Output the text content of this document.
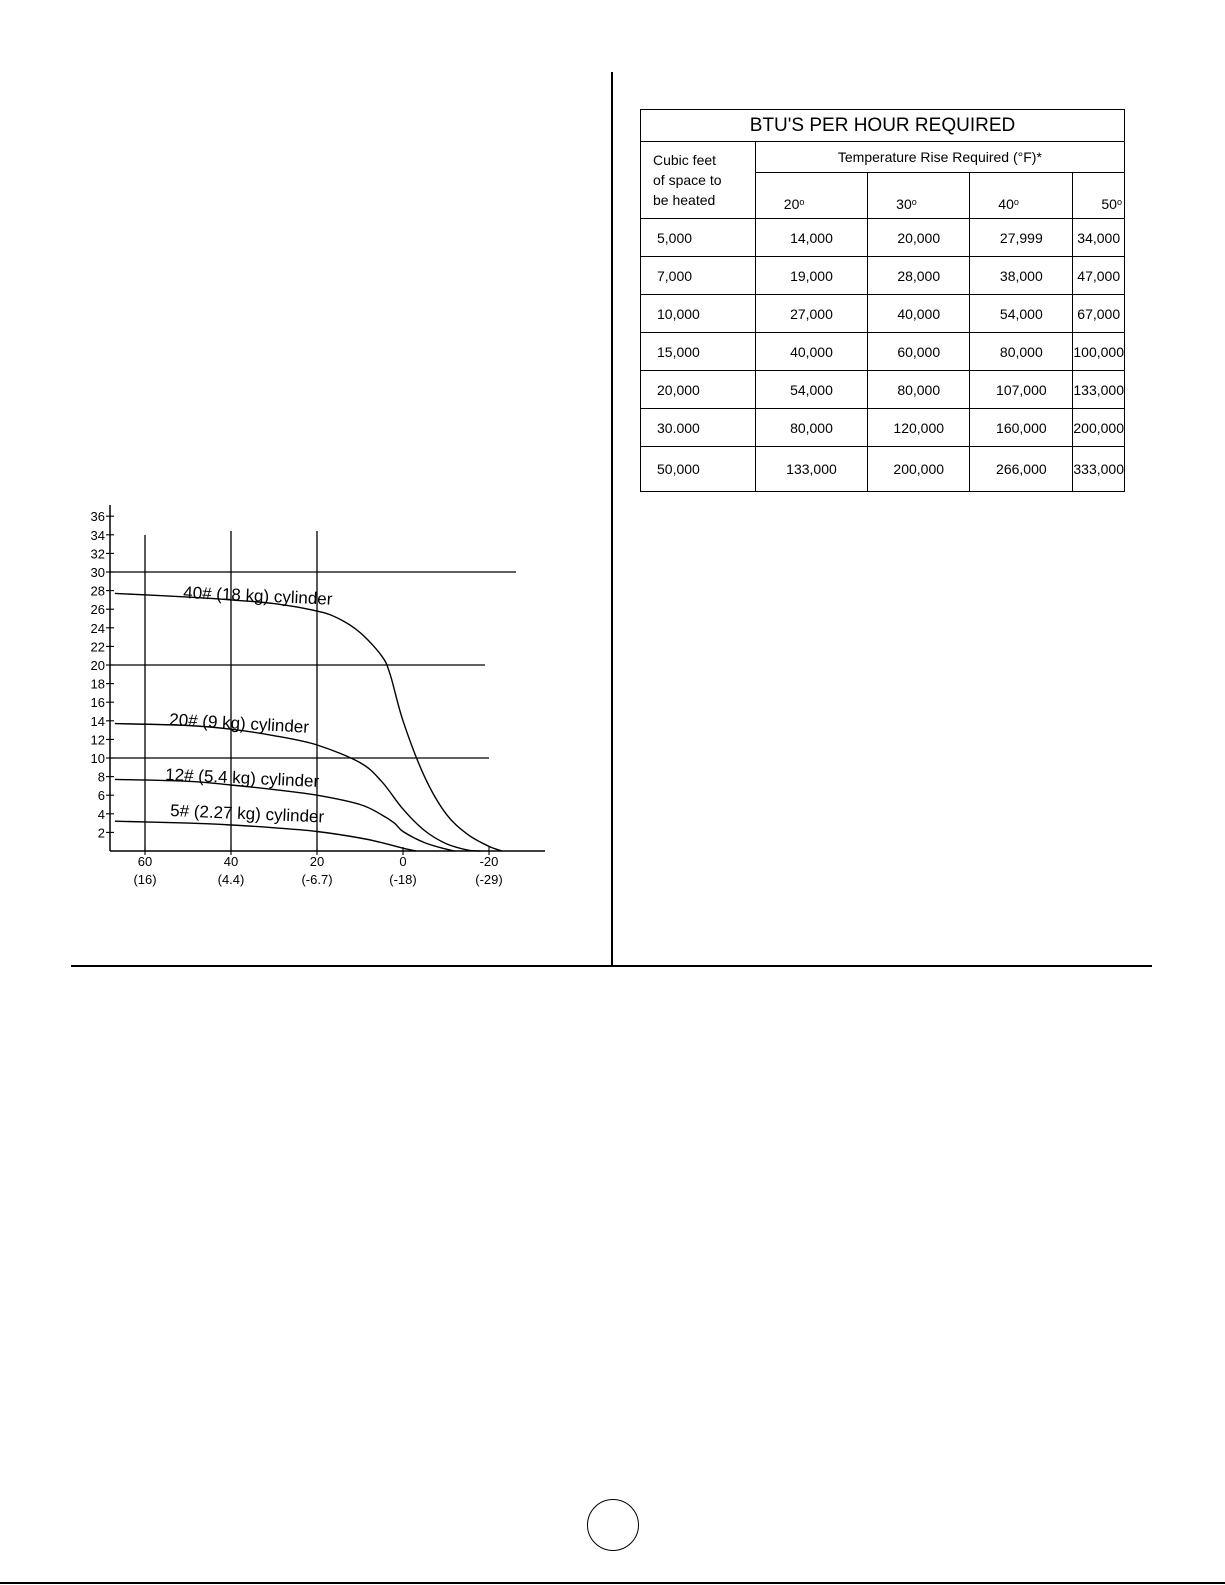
2
4
6
8
10
12
14
16
18
20
22
24
26
28
30
32
34
36
60
(16)
40
(4.4)
20
(-6.7)
0
(-18)
-20
(-29)
40# (18 kg) cylinder
20# (9 kg) cylinder
12# (5.4 kg) cylinder
5# (2.27 kg) cylinder
BTU'S PER HOUR REQUIRED				

Cubic feet
of space to
be heated	Temperature Rise Required (°F)*			
	20$^o$	30$^o$	40$^o$	50$^o$
5,000	14,000	20,000	27,999	34,000
7,000	19,000	28,000	38,000	47,000
10,000	27,000	40,000	54,000	67,000
15,000	40,000	60,000	80,000	100,000
20,000	54,000	80,000	107,000	133,000
30.000	80,000	120,000	160,000	200,000
50,000	133,000	200,000	266,000	333,000
